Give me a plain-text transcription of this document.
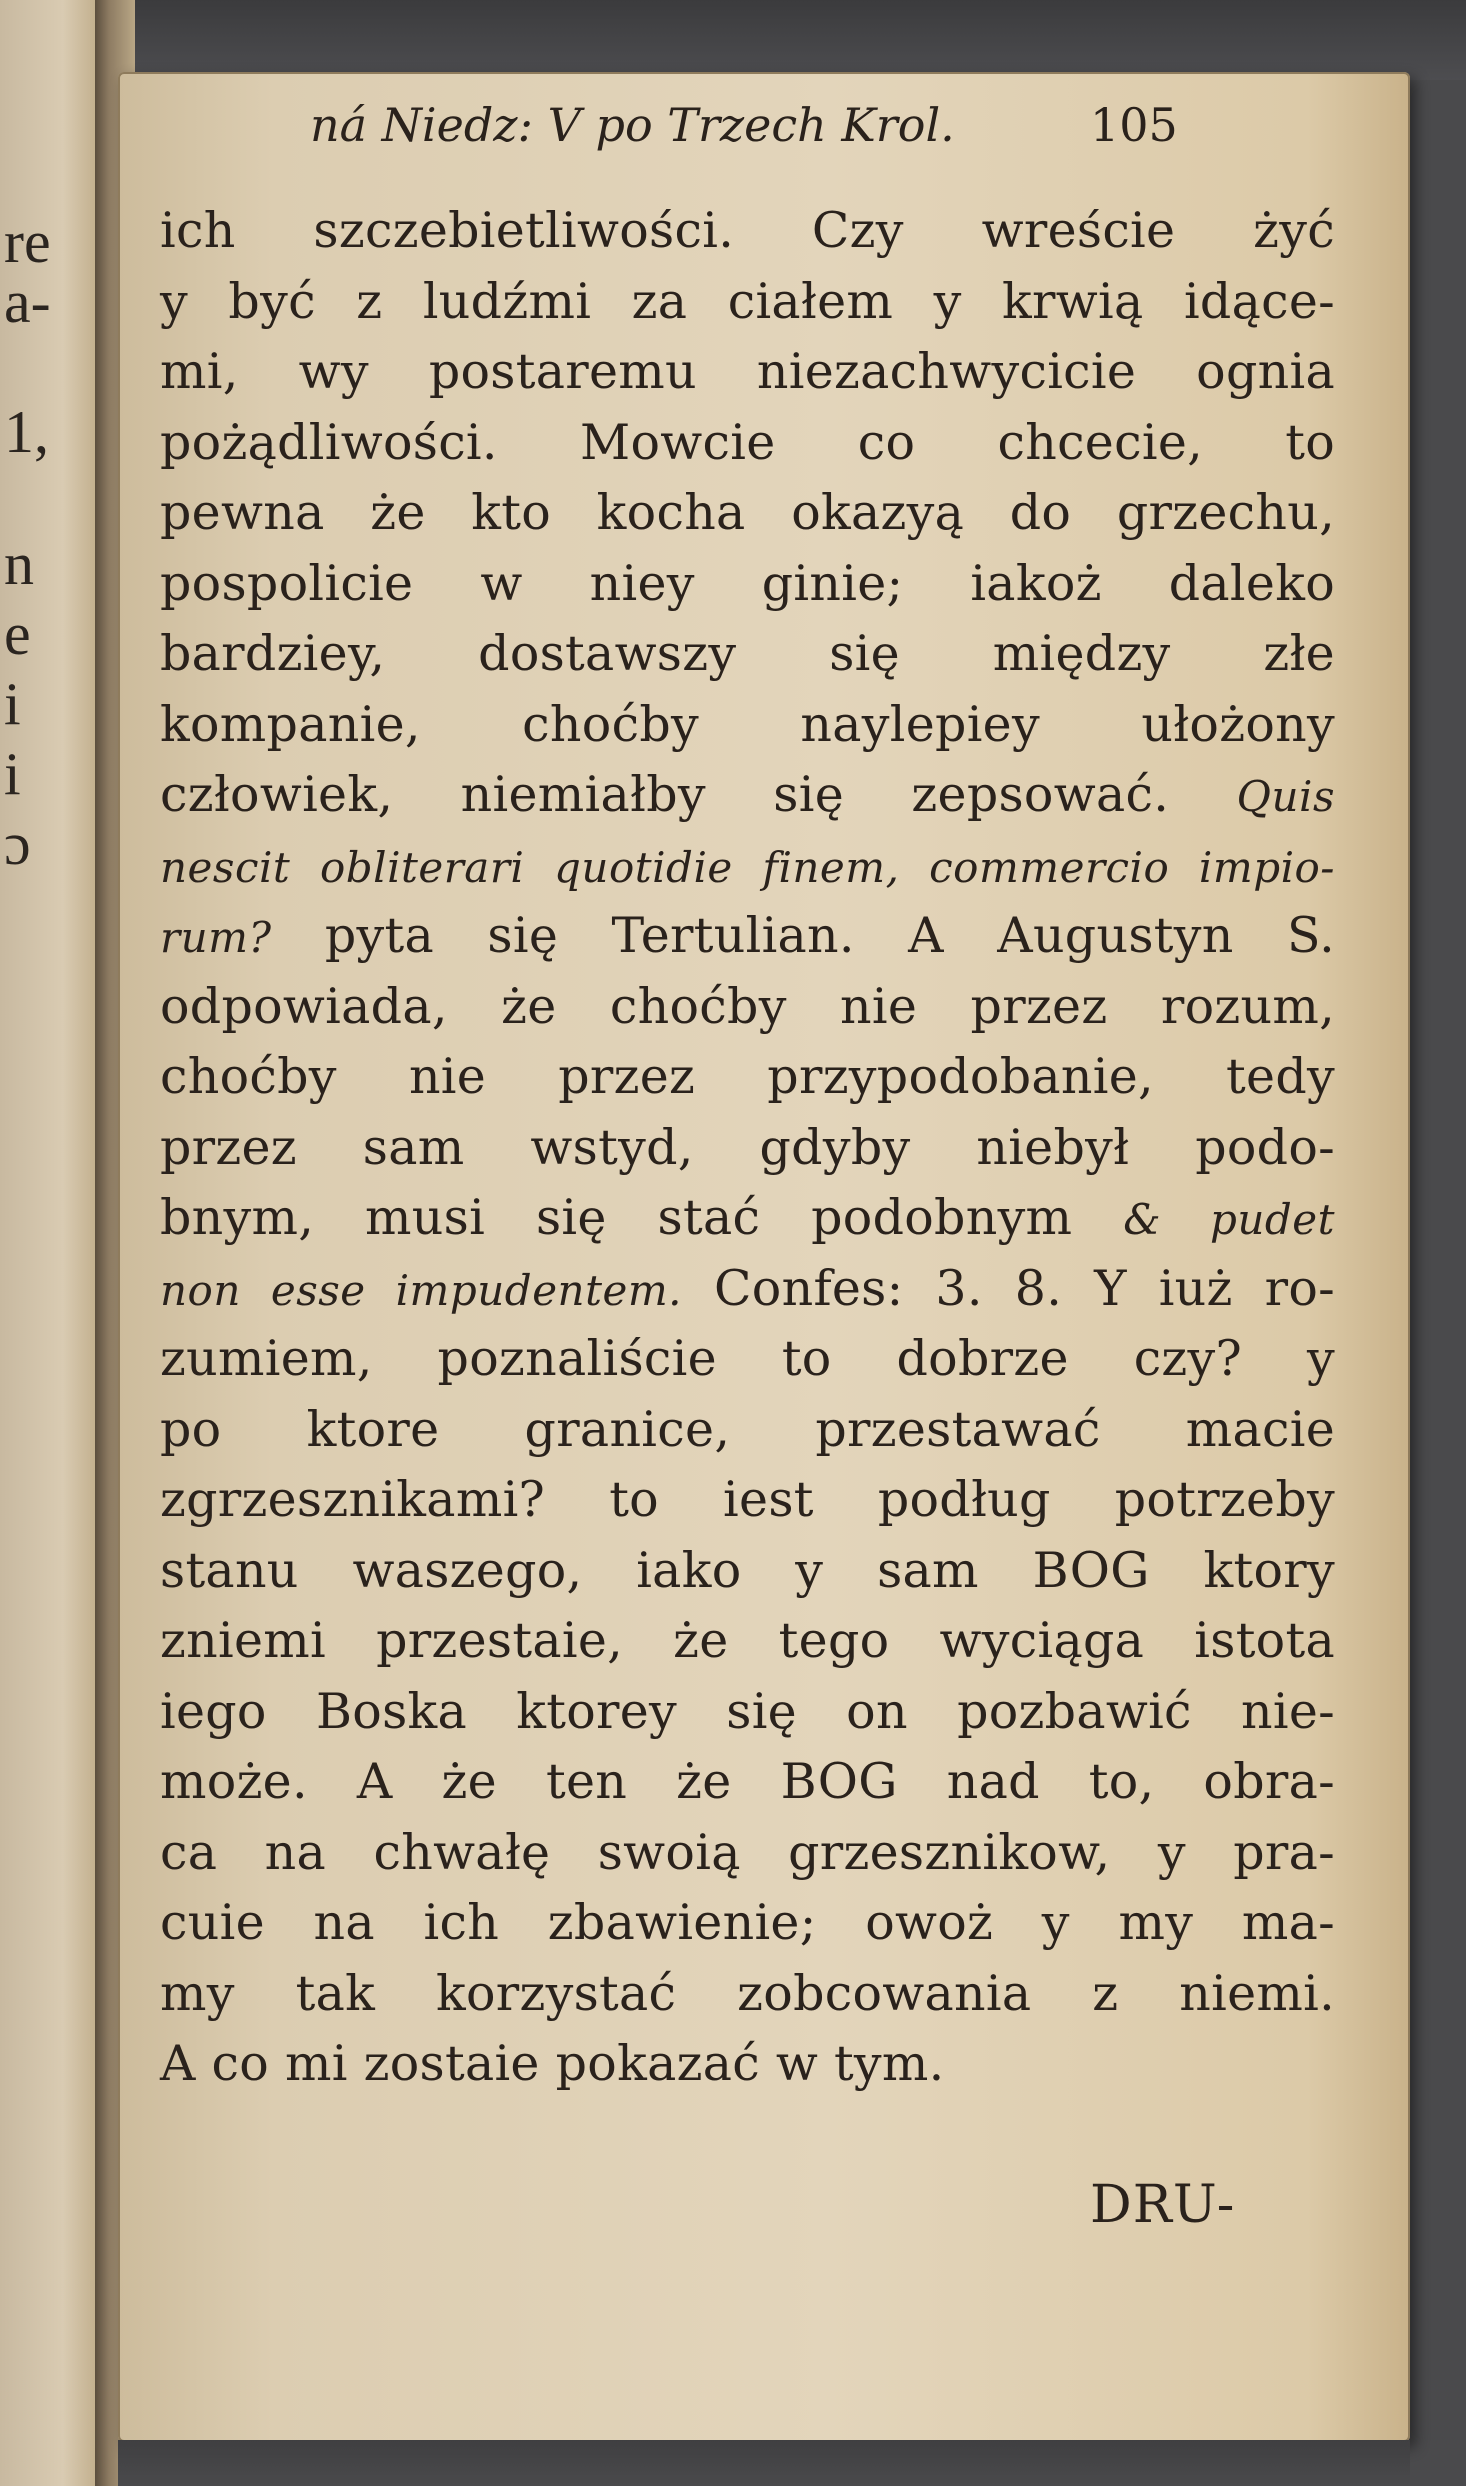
re
a-
1,
n
e
i
i
ɔ
ná Niedz: V po Trzech Krol.	105
ich szczebietliwości. Czy wreście żyć
y być z ludźmi za ciałem y krwią idące-
mi, wy postaremu niezachwycicie ognia
pożądliwości. Mowcie co chcecie, to
pewna że kto kocha okazyą do grzechu,
pospolicie w niey ginie; iakoż daleko
bardziey, dostawszy się między złe
kompanie, choćby naylepiey ułożony
człowiek, niemiałby się zepsować. Quis
nescit obliterari quotidie finem, commercio impio-
rum? pyta się Tertulian. A Augustyn S.
odpowiada, że choćby nie przez rozum,
choćby nie przez przypodobanie, tedy
przez sam wstyd, gdyby niebył podo-
bnym, musi się stać podobnym & pudet
non esse impudentem. Confes: 3. 8. Y iuż ro-
zumiem, poznaliście to dobrze czy? y
po ktore granice, przestawać macie
zgrzesznikami? to iest podług potrzeby
stanu waszego, iako y sam BOG ktory
zniemi przestaie, że tego wyciąga istota
iego Boska ktorey się on pozbawić nie-
może. A że ten że BOG nad to, obra-
ca na chwałę swoią grzesznikow, y pra-
cuie na ich zbawienie; owoż y my ma-
my tak korzystać zobcowania z niemi.
A co mi zostaie pokazać w tym.
DRU-
